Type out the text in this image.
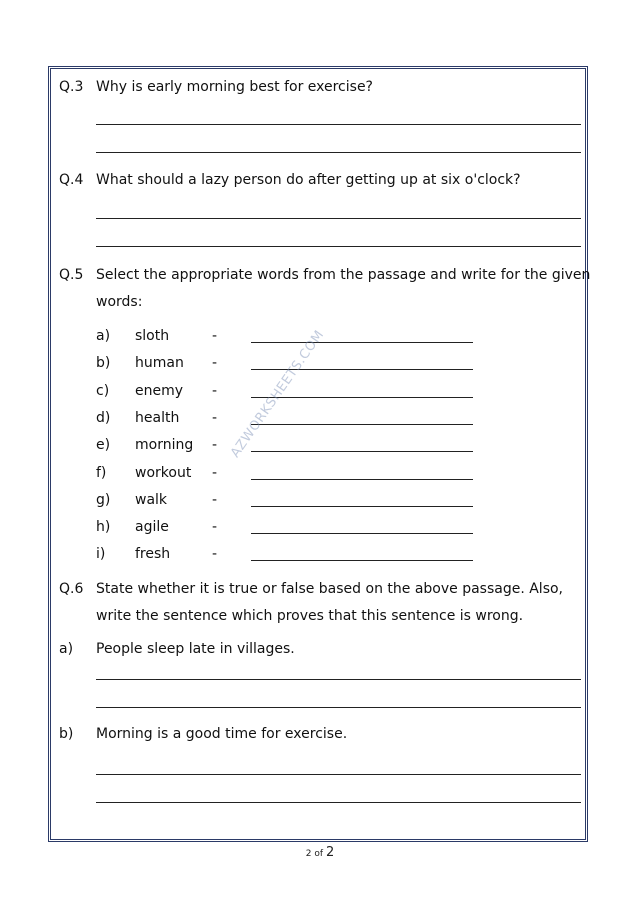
Q.3 Why is early morning best for exercise?
Q.4 What should a lazy person do after getting up at six o'clock?
Q.5 Select the appropriate words from the passage and write for the given
words:
a) sloth	-
b) human -
c) enemy -
d) health -
e) morning -
f) workout -
g) walk	-
h) agile	-
i) fresh	-
AZWORKSHEETS.COM
Q.6 State whether it is true or false based on the above passage. Also,
write the sentence which proves that this sentence is wrong.
a) People sleep late in villages.
b) Morning is a good time for exercise.
2 of 2
